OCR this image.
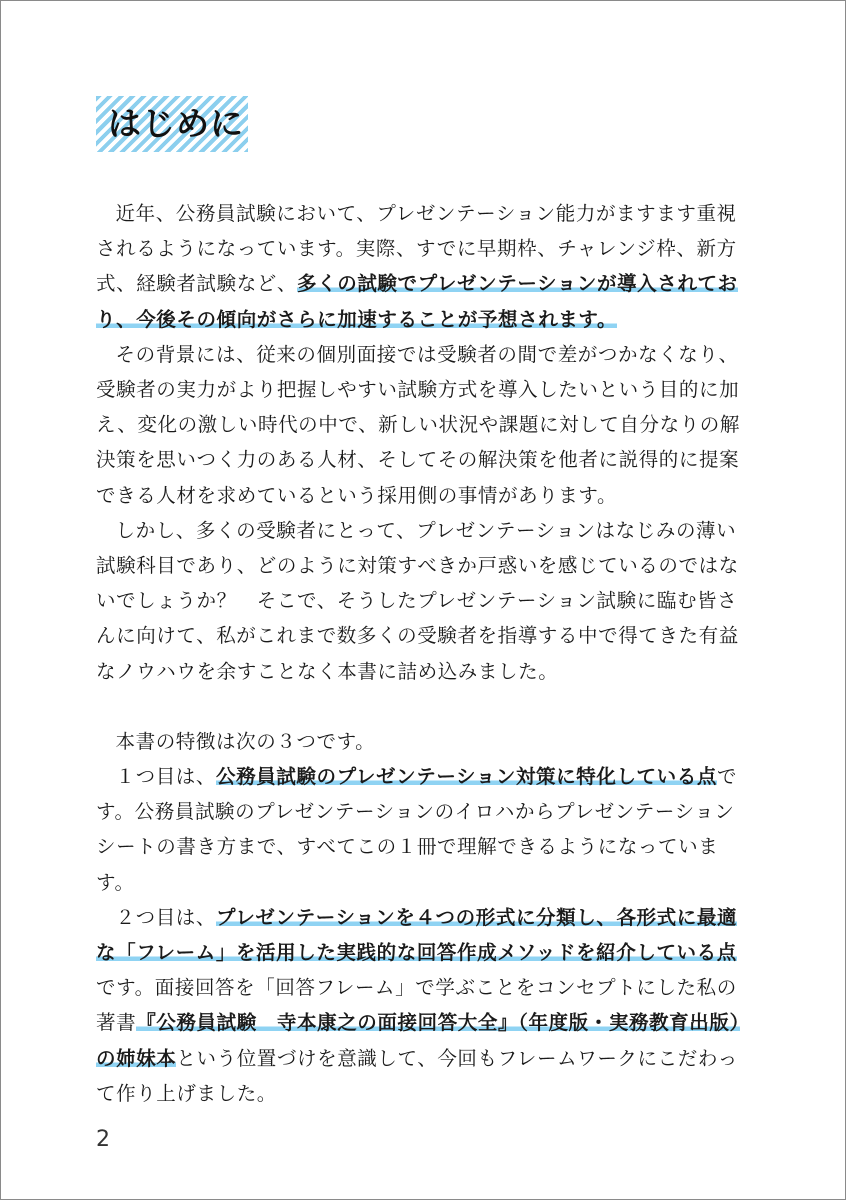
はじめに

近年、公務員試験において、プレゼンテーション能力がますます重視されるようになっています。実際、すでに早期枠、チャレンジ枠、新方式、経験者試験など、多くの試験でプレゼンテーションが導入されており、今後その傾向がさらに加速することが予想されます。

その背景には、従来の個別面接では受験者の間で差がつかなくなり、受験者の実力がより把握しやすい試験方式を導入したいという目的に加え、変化の激しい時代の中で、新しい状況や課題に対して自分なりの解決策を思いつく力のある人材、そしてその解決策を他者に説得的に提案できる人材を求めているという採用側の事情があります。

しかし、多くの受験者にとって、プレゼンテーションはなじみの薄い試験科目であり、どのように対策すべきか戸惑いを感じているのではないでしょうか？　そこで、そうしたプレゼンテーション試験に臨む皆さんに向けて、私がこれまで数多くの受験者を指導する中で得てきた有益なノウハウを余すことなく本書に詰め込みました。

本書の特徴は次の３つです。

１つ目は、公務員試験のプレゼンテーション対策に特化している点です。公務員試験のプレゼンテーションのイロハからプレゼンテーションシートの書き方まで、すべてこの１冊で理解できるようになっています。

２つ目は、プレゼンテーションを４つの形式に分類し、各形式に最適な「フレーム」を活用した実践的な回答作成メソッドを紹介している点です。面接回答を「回答フレーム」で学ぶことをコンセプトにした私の著書『公務員試験　寺本康之の面接回答大全』（年度版・実務教育出版）の姉妹本という位置づけを意識して、今回もフレームワークにこだわって作り上げました。

2
